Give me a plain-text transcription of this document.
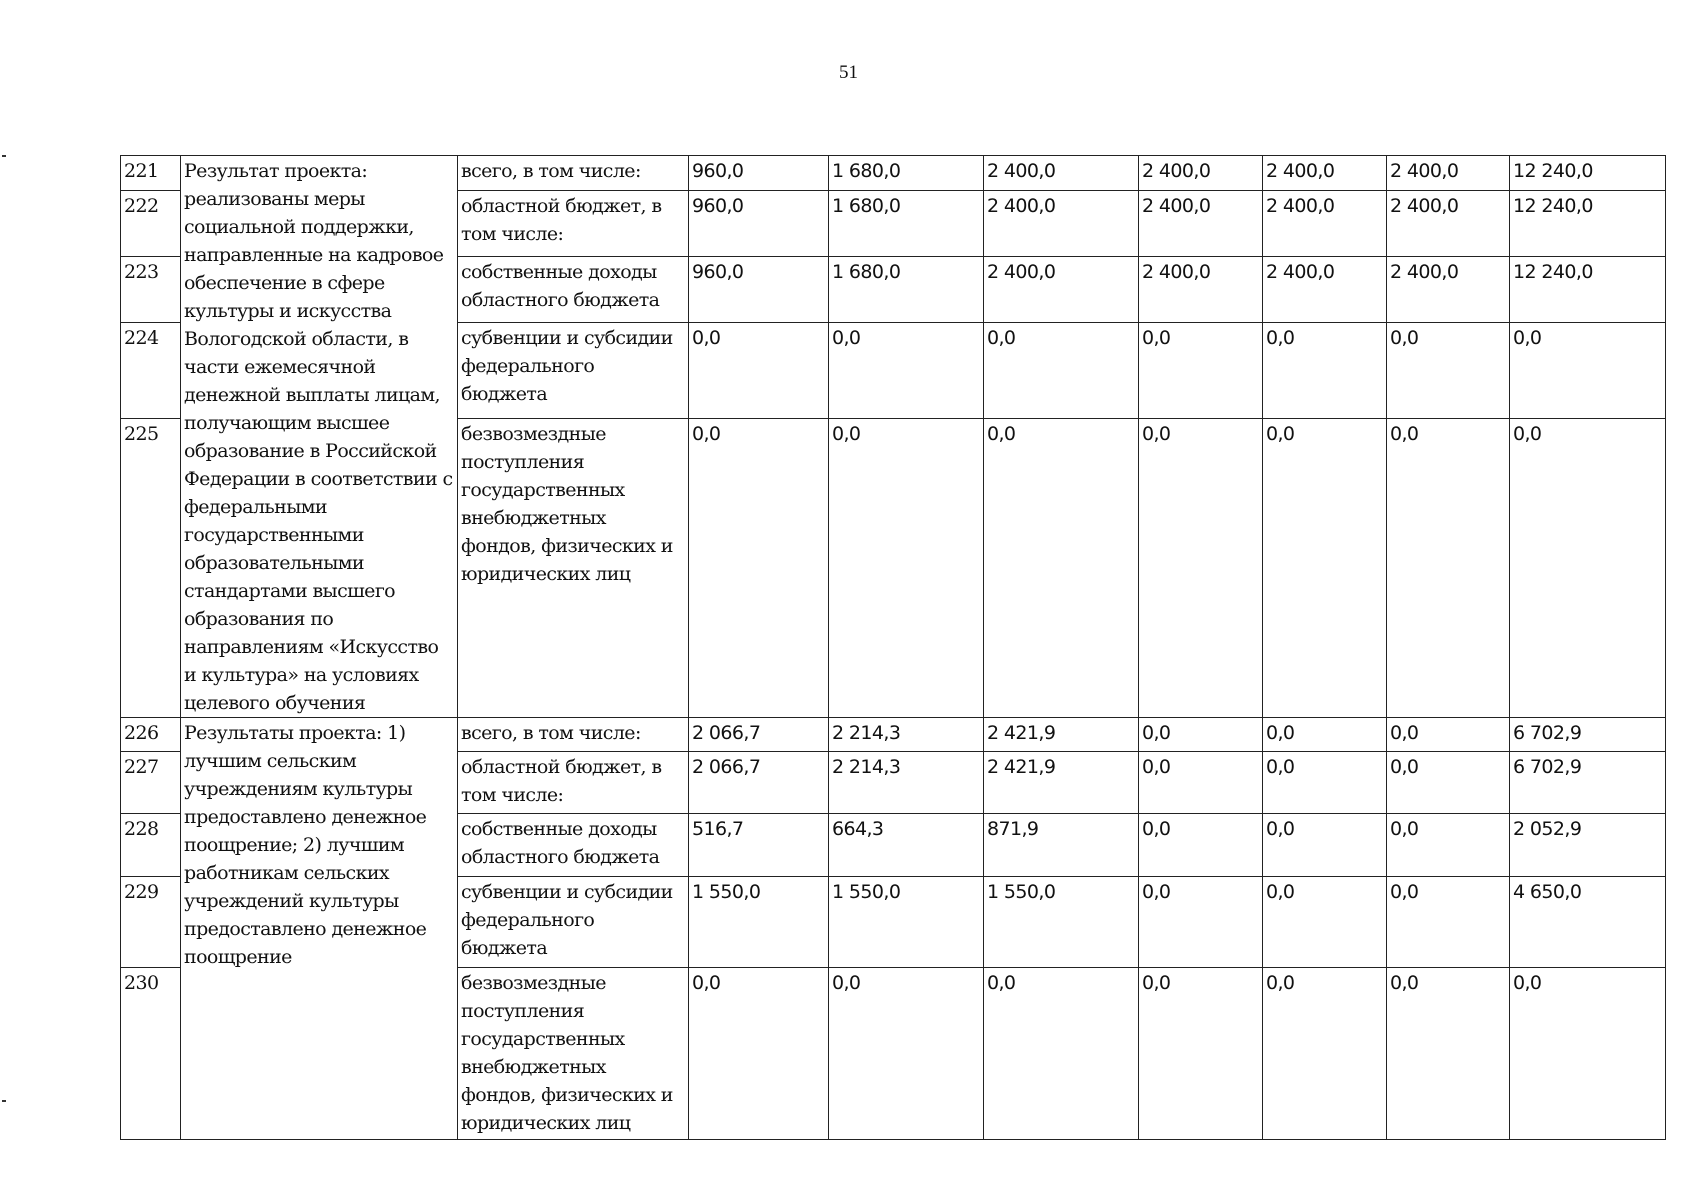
51
221	Результат проекта: реализованы меры социальной поддержки, направленные на кадровое обеспечение в сфере культуры и искусства Вологодской области, в части ежемесячной денежной выплаты лицам, получающим высшее образование в Российской Федерации в соответствии с федеральными государственными образовательными стандартами высшего образования по направлениям «Искусство и культура» на условиях целевого обучения	всего, в том числе:	960,0	1 680,0	2 400,0	2 400,0	2 400,0	2 400,0	12 240,0
222		областной бюджет, в том числе:	960,0	1 680,0	2 400,0	2 400,0	2 400,0	2 400,0	12 240,0
223		собственные доходы областного бюджета	960,0	1 680,0	2 400,0	2 400,0	2 400,0	2 400,0	12 240,0
224		субвенции и субсидии федерального бюджета	0,0	0,0	0,0	0,0	0,0	0,0	0,0
225		безвозмездные поступления государственных внебюджетных фондов, физических и юридических лиц	0,0	0,0	0,0	0,0	0,0	0,0	0,0
226	Результаты проекта: 1) лучшим сельским учреждениям культуры предоставлено денежное поощрение; 2) лучшим работникам сельских учреждений культуры предоставлено денежное поощрение	всего, в том числе:	2 066,7	2 214,3	2 421,9	0,0	0,0	0,0	6 702,9
227		областной бюджет, в том числе:	2 066,7	2 214,3	2 421,9	0,0	0,0	0,0	6 702,9
228		собственные доходы областного бюджета	516,7	664,3	871,9	0,0	0,0	0,0	2 052,9
229		субвенции и субсидии федерального бюджета	1 550,0	1 550,0	1 550,0	0,0	0,0	0,0	4 650,0
230		безвозмездные поступления государственных внебюджетных фондов, физических и юридических лиц	0,0	0,0	0,0	0,0	0,0	0,0	0,0
